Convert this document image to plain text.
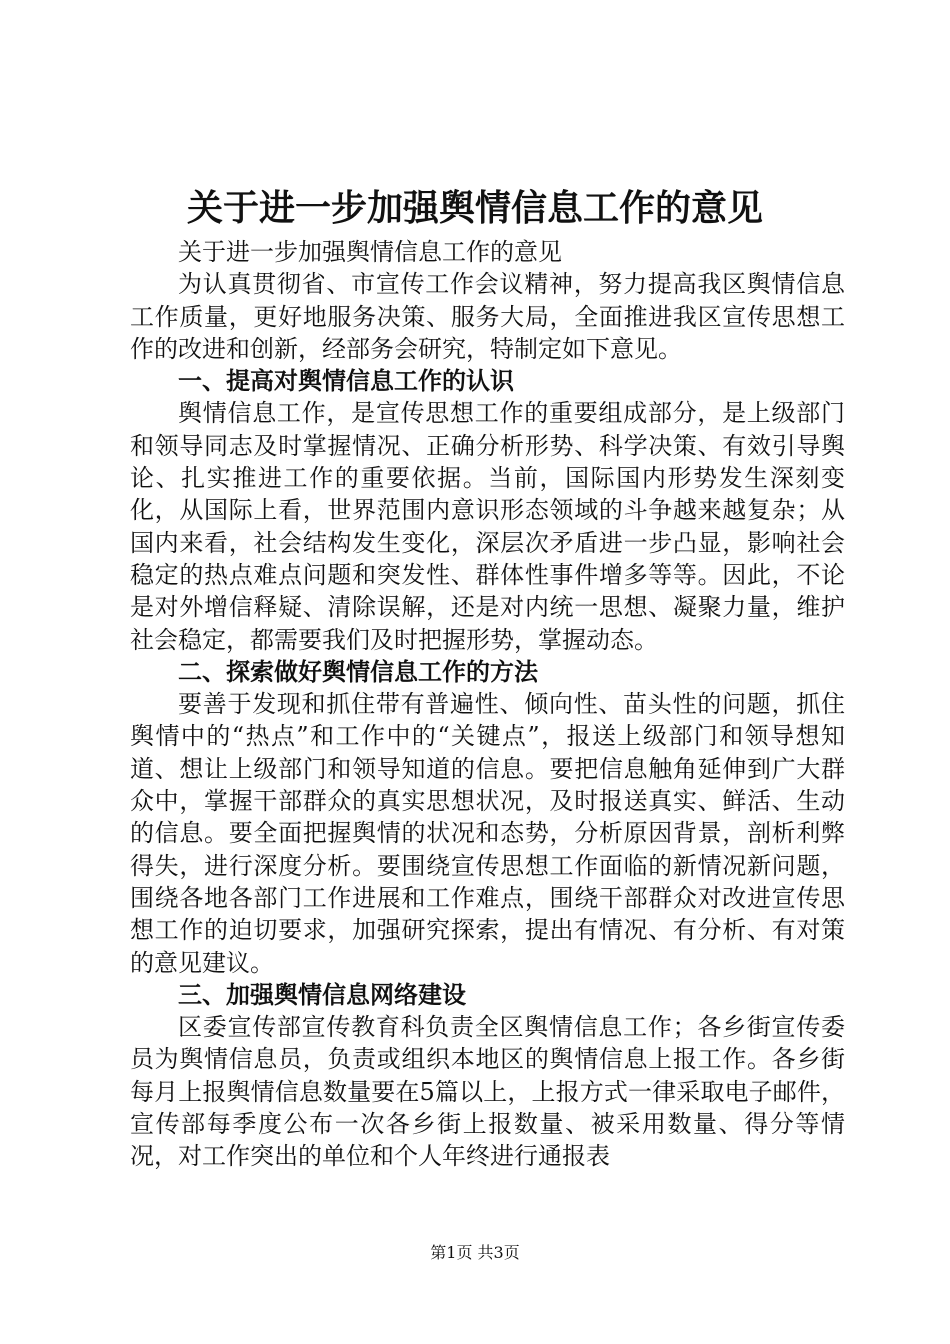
关于进一步加强舆情信息工作的意见

关于进一步加强舆情信息工作的意见

为认真贯彻省、市宣传工作会议精神，努力提高我区舆情信息工作质量，更好地服务决策、服务大局，全面推进我区宣传思想工作的改进和创新，经部务会研究，特制定如下意见。

一、提高对舆情信息工作的认识

舆情信息工作，是宣传思想工作的重要组成部分，是上级部门和领导同志及时掌握情况、正确分析形势、科学决策、有效引导舆论、扎实推进工作的重要依据。当前，国际国内形势发生深刻变化，从国际上看，世界范围内意识形态领域的斗争越来越复杂；从国内来看，社会结构发生变化，深层次矛盾进一步凸显，影响社会稳定的热点难点问题和突发性、群体性事件增多等等。因此，不论是对外增信释疑、清除误解，还是对内统一思想、凝聚力量，维护社会稳定，都需要我们及时把握形势，掌握动态。

二、探索做好舆情信息工作的方法

要善于发现和抓住带有普遍性、倾向性、苗头性的问题，抓住舆情中的“热点”和工作中的“关键点”，报送上级部门和领导想知道、想让上级部门和领导知道的信息。要把信息触角延伸到广大群众中，掌握干部群众的真实思想状况，及时报送真实、鲜活、生动的信息。要全面把握舆情的状况和态势，分析原因背景，剖析利弊得失，进行深度分析。要围绕宣传思想工作面临的新情况新问题，围绕各地各部门工作进展和工作难点，围绕干部群众对改进宣传思想工作的迫切要求，加强研究探索，提出有情况、有分析、有对策的意见建议。

三、加强舆情信息网络建设

区委宣传部宣传教育科负责全区舆情信息工作；各乡街宣传委员为舆情信息员，负责或组织本地区的舆情信息上报工作。各乡街每月上报舆情信息数量要在5篇以上，上报方式一律采取电子邮件，宣传部每季度公布一次各乡街上报数量、被采用数量、得分等情况，对工作突出的单位和个人年终进行通报表

第1页 共3页
